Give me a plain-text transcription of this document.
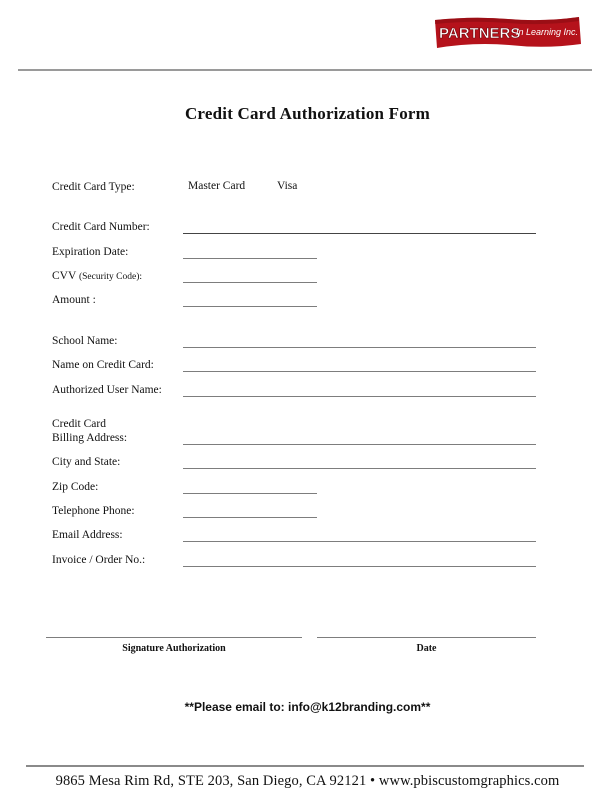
PARTNERS
In Learning Inc.
Credit Card Authorization Form
Credit Card Type:	Master Card	Visa
Credit Card Number:
Expiration Date:
CVV (Security Code):
Amount :
School Name:
Name on Credit Card:
Authorized User Name:
Credit Card
Billing Address:
City and State:
Zip Code:
Telephone Phone:
Email Address:
Invoice / Order No.:
Signature Authorization	Date
**Please email to: info@k12branding.com**
9865 Mesa Rim Rd, STE 203, San Diego, CA 92121 • www.pbiscustomgraphics.com
